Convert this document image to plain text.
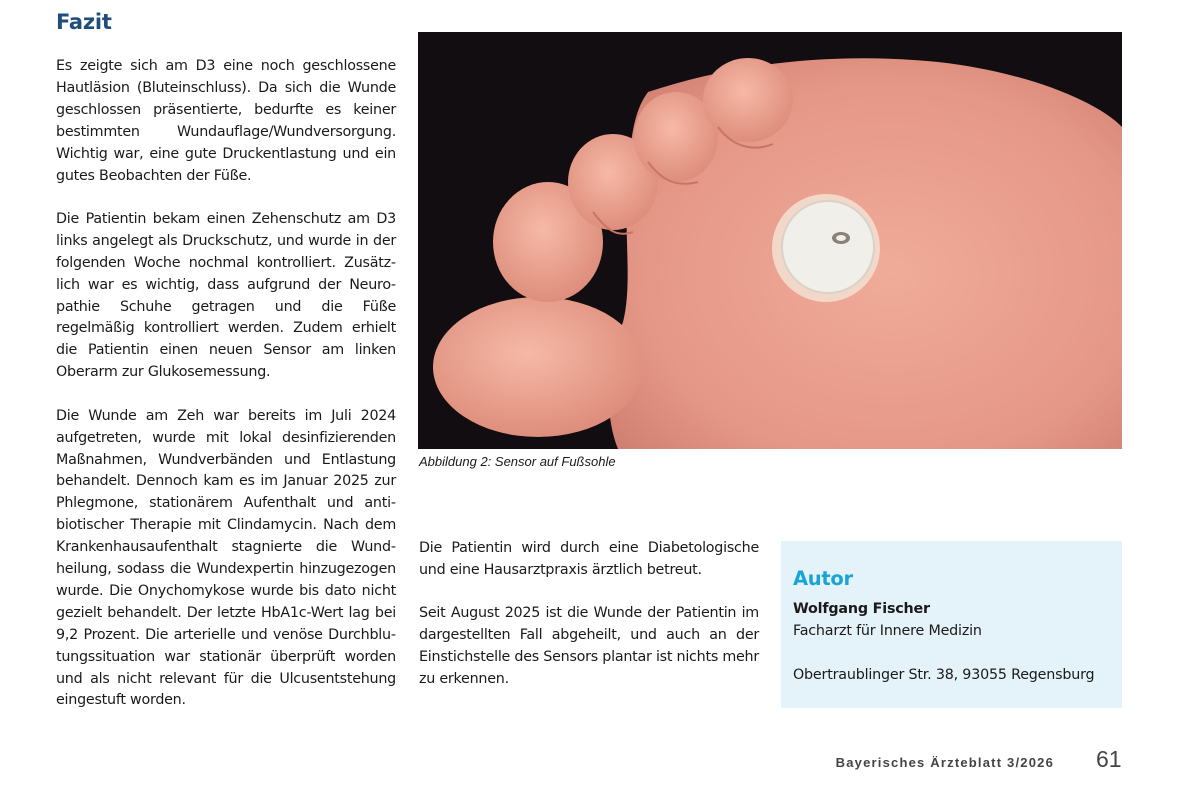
Fazit

Es zeigte sich am D3 eine noch geschlossene Hautläsion (Bluteinschluss). Da sich die Wunde geschlossen präsentierte, bedurfte es keiner bestimmten Wundauflage/Wundversorgung. Wichtig war, eine gute Druckentlastung und ein gutes Beobachten der Füße.

Die Patientin bekam einen Zehenschutz am D3 links angelegt als Druckschutz, und wurde in der folgenden Woche nochmal kontrolliert. Zusätzlich war es wichtig, dass aufgrund der Neuropathie Schuhe getragen und die Füße regelmäßig kontrolliert werden. Zudem erhielt die Patientin einen neuen Sensor am linken Oberarm zur Glukosemessung.

Die Wunde am Zeh war bereits im Juli 2024 aufgetreten, wurde mit lokal desinfizierenden Maßnahmen, Wundverbänden und Entlastung behandelt. Dennoch kam es im Januar 2025 zur Phlegmone, stationärem Aufenthalt und antibiotischer Therapie mit Clindamycin. Nach dem Krankenhausaufenthalt stagnierte die Wundheilung, sodass die Wundexpertin hinzugezogen wurde. Die Onychomykose wurde bis dato nicht gezielt behandelt. Der letzte HbA1c-Wert lag bei 9,2 Prozent. Die arterielle und venöse Durchblutungssituation war stationär überprüft worden und als nicht relevant für die Ulcusentstehung eingestuft worden.

Abbildung 2: Sensor auf Fußsohle

Die Patientin wird durch eine Diabetologische und eine Hausarztpraxis ärztlich betreut.

Seit August 2025 ist die Wunde der Patientin im dargestellten Fall abgeheilt, und auch an der Einstichstelle des Sensors plantar ist nichts mehr zu erkennen.

Autor
Wolfgang Fischer
Facharzt für Innere Medizin
Obertraublinger Str. 38, 93055 Regensburg
Bayerisches Ärzteblatt 3/2026 61
